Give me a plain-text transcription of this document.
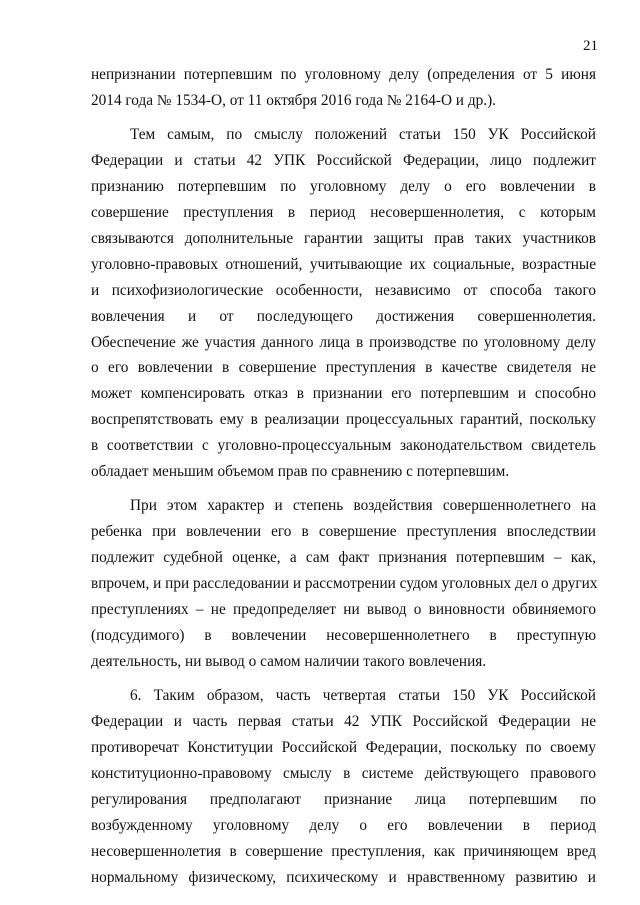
21
непризнании потерпевшим по уголовному делу (определения от 5 июня
2014 года № 1534-О, от 11 октября 2016 года № 2164-О и др.).
Тем самым, по смыслу положений статьи 150 УК Российской
Федерации и статьи 42 УПК Российской Федерации, лицо подлежит
признанию потерпевшим по уголовному делу о его вовлечении в
совершение преступления в период несовершеннолетия, с которым
связываются дополнительные гарантии защиты прав таких участников
уголовно-правовых отношений, учитывающие их социальные, возрастные
и психофизиологические особенности, независимо от способа такого
вовлечения и от последующего достижения совершеннолетия.
Обеспечение же участия данного лица в производстве по уголовному делу
о его вовлечении в совершение преступления в качестве свидетеля не
может компенсировать отказ в признании его потерпевшим и способно
воспрепятствовать ему в реализации процессуальных гарантий, поскольку
в соответствии с уголовно-процессуальным законодательством свидетель
обладает меньшим объемом прав по сравнению с потерпевшим.
При этом характер и степень воздействия совершеннолетнего на
ребенка при вовлечении его в совершение преступления впоследствии
подлежит судебной оценке, а сам факт признания потерпевшим – как,
впрочем, и при расследовании и рассмотрении судом уголовных дел о других
преступлениях – не предопределяет ни вывод о виновности обвиняемого
(подсудимого) в вовлечении несовершеннолетнего в преступную
деятельность, ни вывод о самом наличии такого вовлечения.
6. Таким образом, часть четвертая статьи 150 УК Российской
Федерации и часть первая статьи 42 УПК Российской Федерации не
противоречат Конституции Российской Федерации, поскольку по своему
конституционно-правовому смыслу в системе действующего правового
регулирования предполагают признание лица потерпевшим по
возбужденному уголовному делу о его вовлечении в период
несовершеннолетия в совершение преступления, как причиняющем вред
нормальному физическому, психическому и нравственному развитию и
